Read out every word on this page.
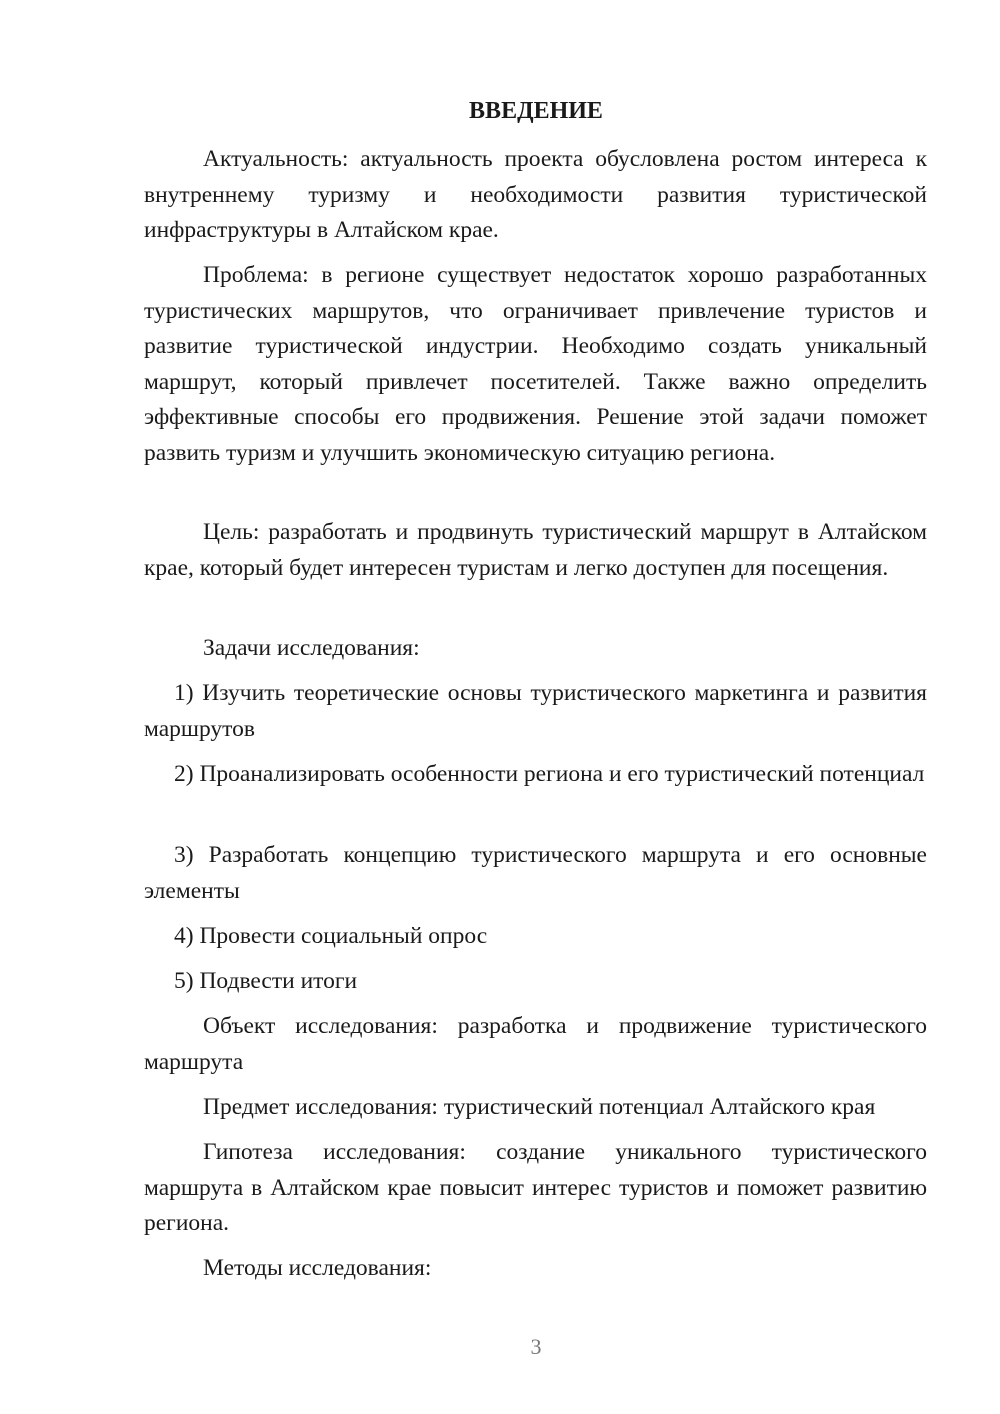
ВВЕДЕНИЕ

Актуальность: актуальность проекта обусловлена ростом интереса к внутреннему туризму и необходимости развития туристической инфраструктуры в Алтайском крае.

Проблема: в регионе существует недостаток хорошо разработанных туристических маршрутов, что ограничивает привлечение туристов и развитие туристической индустрии. Необходимо создать уникальный маршрут, который привлечет посетителей. Также важно определить эффективные способы его продвижения. Решение этой задачи поможет развить туризм и улучшить экономическую ситуацию региона.

Цель: разработать и продвинуть туристический маршрут в Алтайском крае, который будет интересен туристам и легко доступен для посещения.

Задачи исследования:

1) Изучить теоретические основы туристического маркетинга и развития маршрутов

2) Проанализировать особенности региона и его туристический потенциал

3) Разработать концепцию туристического маршрута и его основные элементы

4) Провести социальный опрос

5) Подвести итоги

Объект исследования: разработка и продвижение туристического маршрута

Предмет исследования: туристический потенциал Алтайского края

Гипотеза исследования: создание уникального туристического маршрута в Алтайском крае повысит интерес туристов и поможет развитию региона.

Методы исследования:

3
